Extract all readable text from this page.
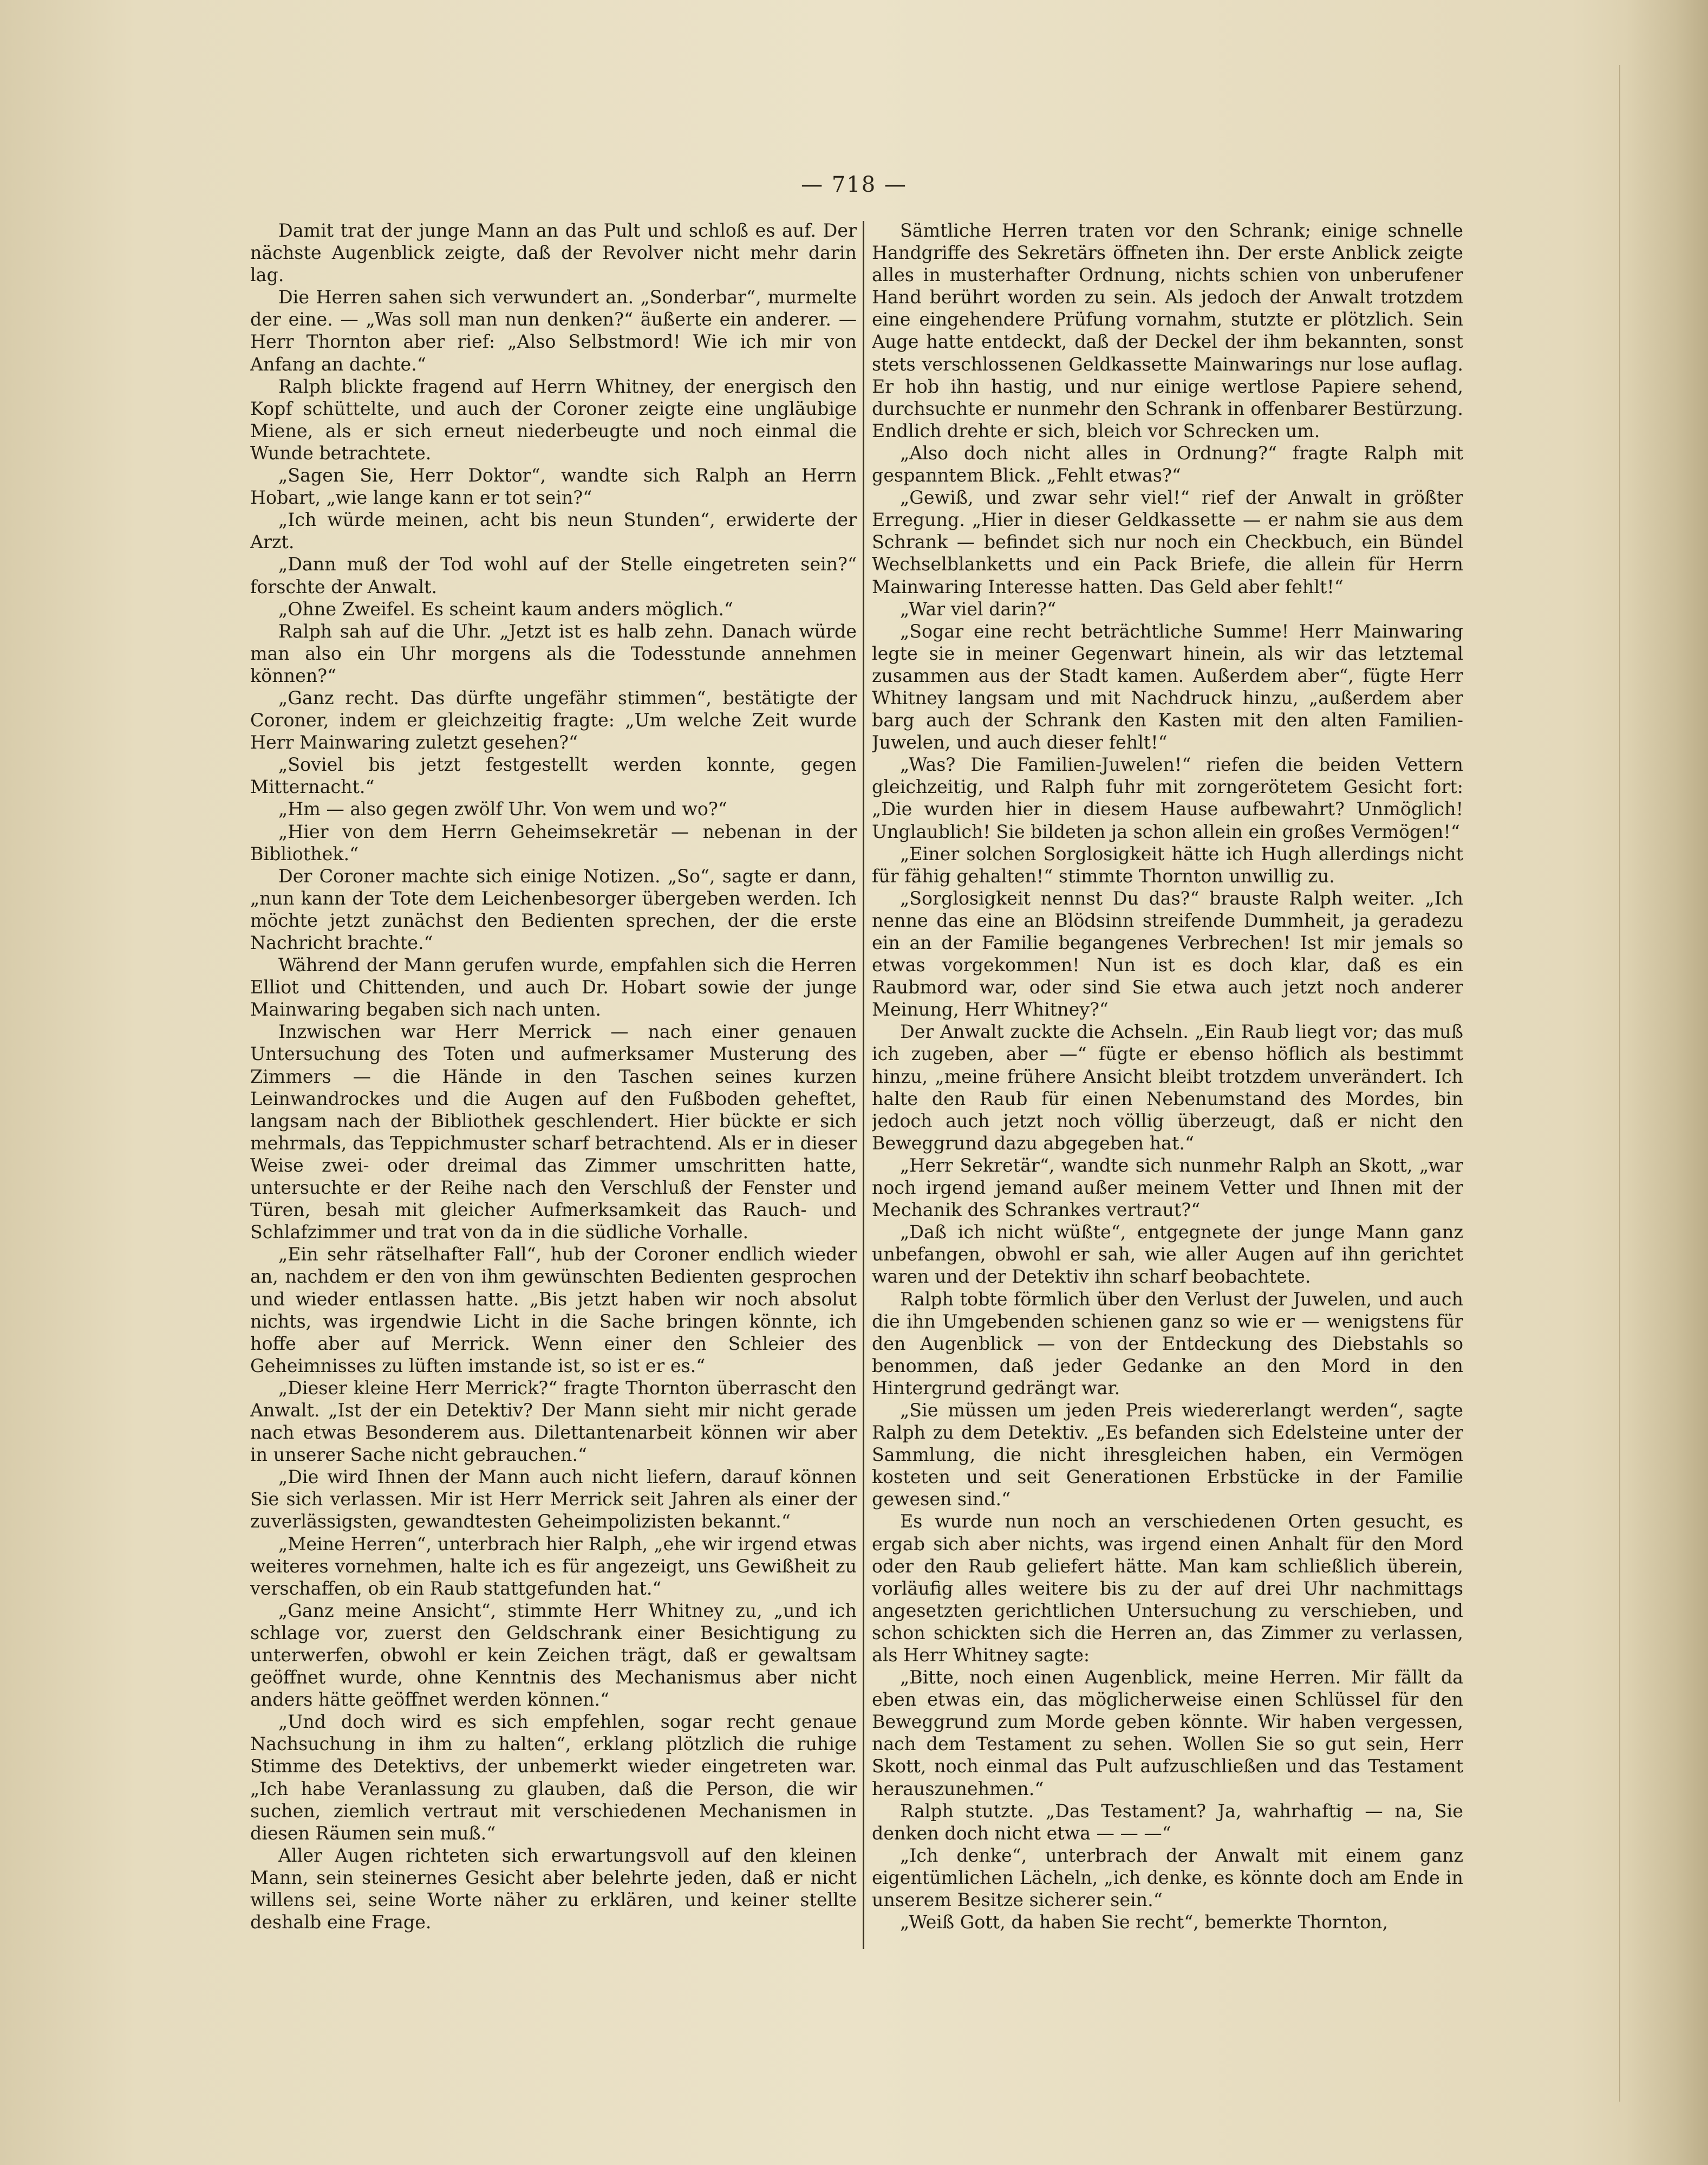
— 718 —

Damit trat der junge Mann an das Pult und schloß es auf. Der nächste Augenblick zeigte, daß der Revolver nicht mehr darin lag.

Die Herren sahen sich verwundert an. „Sonderbar“, murmelte der eine. — „Was soll man nun denken?“ äußerte ein anderer. — Herr Thornton aber rief: „Also Selbstmord! Wie ich mir von Anfang an dachte.“

Ralph blickte fragend auf Herrn Whitney, der energisch den Kopf schüttelte, und auch der Coroner zeigte eine ungläubige Miene, als er sich erneut niederbeugte und noch einmal die Wunde betrachtete.

„Sagen Sie, Herr Doktor“, wandte sich Ralph an Herrn Hobart, „wie lange kann er tot sein?“

„Ich würde meinen, acht bis neun Stunden“, erwiderte der Arzt.

„Dann muß der Tod wohl auf der Stelle eingetreten sein?“ forschte der Anwalt.

„Ohne Zweifel. Es scheint kaum anders möglich.“

Ralph sah auf die Uhr. „Jetzt ist es halb zehn. Danach würde man also ein Uhr morgens als die Todesstunde annehmen können?“

„Ganz recht. Das dürfte ungefähr stimmen“, bestätigte der Coroner, indem er gleichzeitig fragte: „Um welche Zeit wurde Herr Mainwaring zuletzt gesehen?“

„Soviel bis jetzt festgestellt werden konnte, gegen Mitternacht.“

„Hm — also gegen zwölf Uhr. Von wem und wo?“

„Hier von dem Herrn Geheimsekretär — nebenan in der Bibliothek.“

Der Coroner machte sich einige Notizen. „So“, sagte er dann, „nun kann der Tote dem Leichenbesorger übergeben werden. Ich möchte jetzt zunächst den Bedienten sprechen, der die erste Nachricht brachte.“

Während der Mann gerufen wurde, empfahlen sich die Herren Elliot und Chittenden, und auch Dr. Hobart sowie der junge Mainwaring begaben sich nach unten.

Inzwischen war Herr Merrick — nach einer genauen Untersuchung des Toten und aufmerksamer Musterung des Zimmers — die Hände in den Taschen seines kurzen Leinwandrockes und die Augen auf den Fußboden geheftet, langsam nach der Bibliothek geschlendert. Hier bückte er sich mehrmals, das Teppichmuster scharf betrachtend. Als er in dieser Weise zwei- oder dreimal das Zimmer umschritten hatte, untersuchte er der Reihe nach den Verschluß der Fenster und Türen, besah mit gleicher Aufmerksamkeit das Rauch- und Schlafzimmer und trat von da in die südliche Vorhalle.

„Ein sehr rätselhafter Fall“, hub der Coroner endlich wieder an, nachdem er den von ihm gewünschten Bedienten gesprochen und wieder entlassen hatte. „Bis jetzt haben wir noch absolut nichts, was irgendwie Licht in die Sache bringen könnte, ich hoffe aber auf Merrick. Wenn einer den Schleier des Geheimnisses zu lüften imstande ist, so ist er es.“

„Dieser kleine Herr Merrick?“ fragte Thornton überrascht den Anwalt. „Ist der ein Detektiv? Der Mann sieht mir nicht gerade nach etwas Besonderem aus. Dilettantenarbeit können wir aber in unserer Sache nicht gebrauchen.“

„Die wird Ihnen der Mann auch nicht liefern, darauf können Sie sich verlassen. Mir ist Herr Merrick seit Jahren als einer der zuverlässigsten, gewandtesten Geheimpolizisten bekannt.“

„Meine Herren“, unterbrach hier Ralph, „ehe wir irgend etwas weiteres vornehmen, halte ich es für angezeigt, uns Gewißheit zu verschaffen, ob ein Raub stattgefunden hat.“

„Ganz meine Ansicht“, stimmte Herr Whitney zu, „und ich schlage vor, zuerst den Geldschrank einer Besichtigung zu unterwerfen, obwohl er kein Zeichen trägt, daß er gewaltsam geöffnet wurde, ohne Kenntnis des Mechanismus aber nicht anders hätte geöffnet werden können.“

„Und doch wird es sich empfehlen, sogar recht genaue Nachsuchung in ihm zu halten“, erklang plötzlich die ruhige Stimme des Detektivs, der unbemerkt wieder eingetreten war. „Ich habe Veranlassung zu glauben, daß die Person, die wir suchen, ziemlich vertraut mit verschiedenen Mechanismen in diesen Räumen sein muß.“

Aller Augen richteten sich erwartungsvoll auf den kleinen Mann, sein steinernes Gesicht aber belehrte jeden, daß er nicht willens sei, seine Worte näher zu erklären, und keiner stellte deshalb eine Frage.

Sämtliche Herren traten vor den Schrank; einige schnelle Handgriffe des Sekretärs öffneten ihn. Der erste Anblick zeigte alles in musterhafter Ordnung, nichts schien von unberufener Hand berührt worden zu sein. Als jedoch der Anwalt trotzdem eine eingehendere Prüfung vornahm, stutzte er plötzlich. Sein Auge hatte entdeckt, daß der Deckel der ihm bekannten, sonst stets verschlossenen Geldkassette Mainwarings nur lose auflag. Er hob ihn hastig, und nur einige wertlose Papiere sehend, durchsuchte er nunmehr den Schrank in offenbarer Bestürzung. Endlich drehte er sich, bleich vor Schrecken um.

„Also doch nicht alles in Ordnung?“ fragte Ralph mit gespanntem Blick. „Fehlt etwas?“

„Gewiß, und zwar sehr viel!“ rief der Anwalt in größter Erregung. „Hier in dieser Geldkassette — er nahm sie aus dem Schrank — befindet sich nur noch ein Checkbuch, ein Bündel Wechselblanketts und ein Pack Briefe, die allein für Herrn Mainwaring Interesse hatten. Das Geld aber fehlt!“

„War viel darin?“

„Sogar eine recht beträchtliche Summe! Herr Mainwaring legte sie in meiner Gegenwart hinein, als wir das letztemal zusammen aus der Stadt kamen. Außerdem aber“, fügte Herr Whitney langsam und mit Nachdruck hinzu, „außerdem aber barg auch der Schrank den Kasten mit den alten Familien-Juwelen, und auch dieser fehlt!“

„Was? Die Familien-Juwelen!“ riefen die beiden Vettern gleichzeitig, und Ralph fuhr mit zorngerötetem Gesicht fort: „Die wurden hier in diesem Hause aufbewahrt? Unmöglich! Unglaublich! Sie bildeten ja schon allein ein großes Vermögen!“

„Einer solchen Sorglosigkeit hätte ich Hugh allerdings nicht für fähig gehalten!“ stimmte Thornton unwillig zu.

„Sorglosigkeit nennst Du das?“ brauste Ralph weiter. „Ich nenne das eine an Blödsinn streifende Dummheit, ja geradezu ein an der Familie begangenes Verbrechen! Ist mir jemals so etwas vorgekommen! Nun ist es doch klar, daß es ein Raubmord war, oder sind Sie etwa auch jetzt noch anderer Meinung, Herr Whitney?“

Der Anwalt zuckte die Achseln. „Ein Raub liegt vor; das muß ich zugeben, aber —“ fügte er ebenso höflich als bestimmt hinzu, „meine frühere Ansicht bleibt trotzdem unverändert. Ich halte den Raub für einen Nebenumstand des Mordes, bin jedoch auch jetzt noch völlig überzeugt, daß er nicht den Beweggrund dazu abgegeben hat.“

„Herr Sekretär“, wandte sich nunmehr Ralph an Skott, „war noch irgend jemand außer meinem Vetter und Ihnen mit der Mechanik des Schrankes vertraut?“

„Daß ich nicht wüßte“, entgegnete der junge Mann ganz unbefangen, obwohl er sah, wie aller Augen auf ihn gerichtet waren und der Detektiv ihn scharf beobachtete.

Ralph tobte förmlich über den Verlust der Juwelen, und auch die ihn Umgebenden schienen ganz so wie er — wenigstens für den Augenblick — von der Entdeckung des Diebstahls so benommen, daß jeder Gedanke an den Mord in den Hintergrund gedrängt war.

„Sie müssen um jeden Preis wiedererlangt werden“, sagte Ralph zu dem Detektiv. „Es befanden sich Edelsteine unter der Sammlung, die nicht ihresgleichen haben, ein Vermögen kosteten und seit Generationen Erbstücke in der Familie gewesen sind.“

Es wurde nun noch an verschiedenen Orten gesucht, es ergab sich aber nichts, was irgend einen Anhalt für den Mord oder den Raub geliefert hätte. Man kam schließlich überein, vorläufig alles weitere bis zu der auf drei Uhr nachmittags angesetzten gerichtlichen Untersuchung zu verschieben, und schon schickten sich die Herren an, das Zimmer zu verlassen, als Herr Whitney sagte:

„Bitte, noch einen Augenblick, meine Herren. Mir fällt da eben etwas ein, das möglicherweise einen Schlüssel für den Beweggrund zum Morde geben könnte. Wir haben vergessen, nach dem Testament zu sehen. Wollen Sie so gut sein, Herr Skott, noch einmal das Pult aufzuschließen und das Testament herauszunehmen.“

Ralph stutzte. „Das Testament? Ja, wahrhaftig — na, Sie denken doch nicht etwa — — —“

„Ich denke“, unterbrach der Anwalt mit einem ganz eigentümlichen Lächeln, „ich denke, es könnte doch am Ende in unserem Besitze sicherer sein.“

„Weiß Gott, da haben Sie recht“, bemerkte Thornton,
